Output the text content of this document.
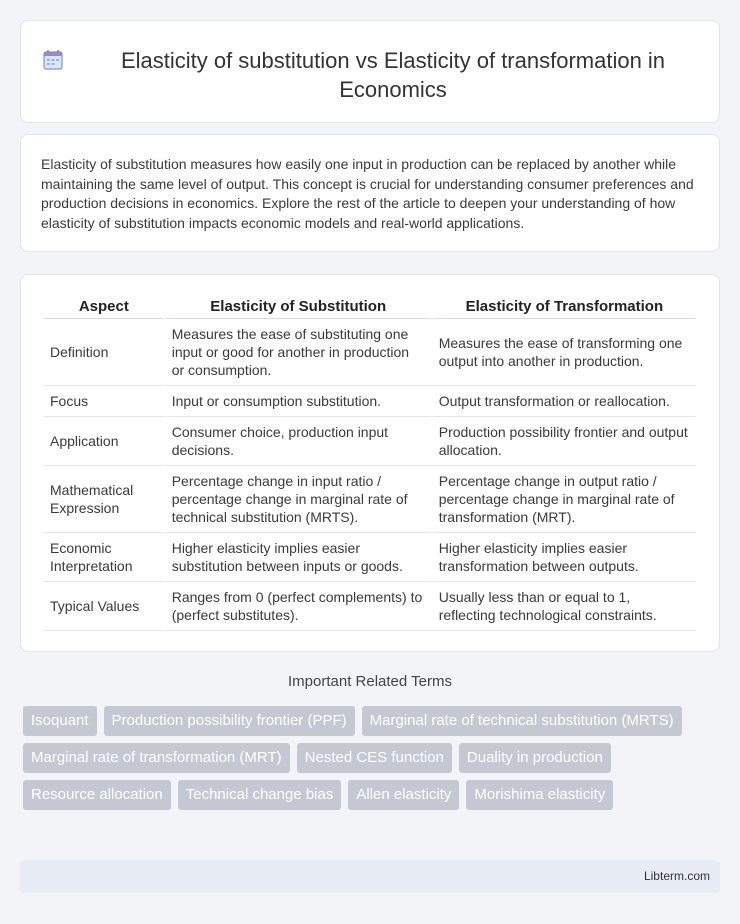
Elasticity of substitution vs Elasticity of transformation in Economics

Elasticity of substitution measures how easily one input in production can be replaced by another while maintaining the same level of output. This concept is crucial for understanding consumer preferences and production decisions in economics. Explore the rest of the article to deepen your understanding of how elasticity of substitution impacts economic models and real-world applications.

Aspect	Elasticity of Substitution	Elasticity of Transformation
Definition	Measures the ease of substituting one input or good for another in production or consumption.	Measures the ease of transforming one output into another in production.
Focus	Input or consumption substitution.	Output transformation or reallocation.
Application	Consumer choice, production input decisions.	Production possibility frontier and output allocation.
Mathematical Expression	Percentage change in input ratio / percentage change in marginal rate of technical substitution (MRTS).	Percentage change in output ratio / percentage change in marginal rate of transformation (MRT).
Economic Interpretation	Higher elasticity implies easier substitution between inputs or goods.	Higher elasticity implies easier transformation between outputs.
Typical Values	Ranges from 0 (perfect complements) to (perfect substitutes).	Usually less than or equal to 1, reflecting technological constraints.
Important Related Terms
Isoquant	Production possibility frontier (PPF)	Marginal rate of technical substitution (MRTS)
Marginal rate of transformation (MRT)	Nested CES function	Duality in production
Resource allocation	Technical change bias	Allen elasticity	Morishima elasticity
Libterm.com
